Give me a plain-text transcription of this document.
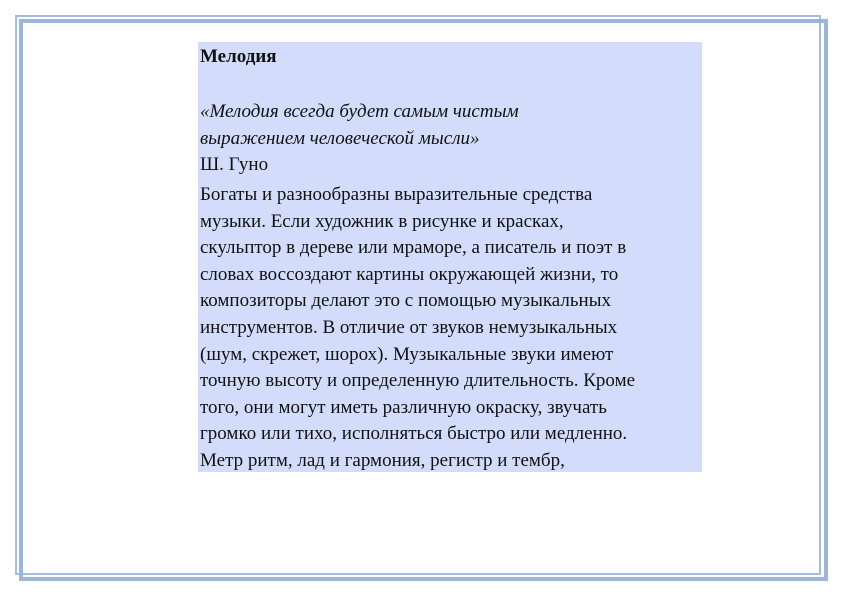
Мелодия
«Мелодия всегда будет самым чистым
выражением человеческой мысли»
Ш. Гуно
Богаты и разнообразны выразительные средства
музыки. Если художник в рисунке и красках,
скульптор в дереве или мраморе, а писатель и поэт в
словах воссоздают картины окружающей жизни, то
композиторы делают это с помощью музыкальных
инструментов. В отличие от звуков немузыкальных
(шум, скрежет, шорох). Музыкальные звуки имеют
точную высоту и определенную длительность. Кроме
того, они могут иметь различную окраску, звучать
громко или тихо, исполняться быстро или медленно.
Метр ритм, лад и гармония, регистр и тембр,
